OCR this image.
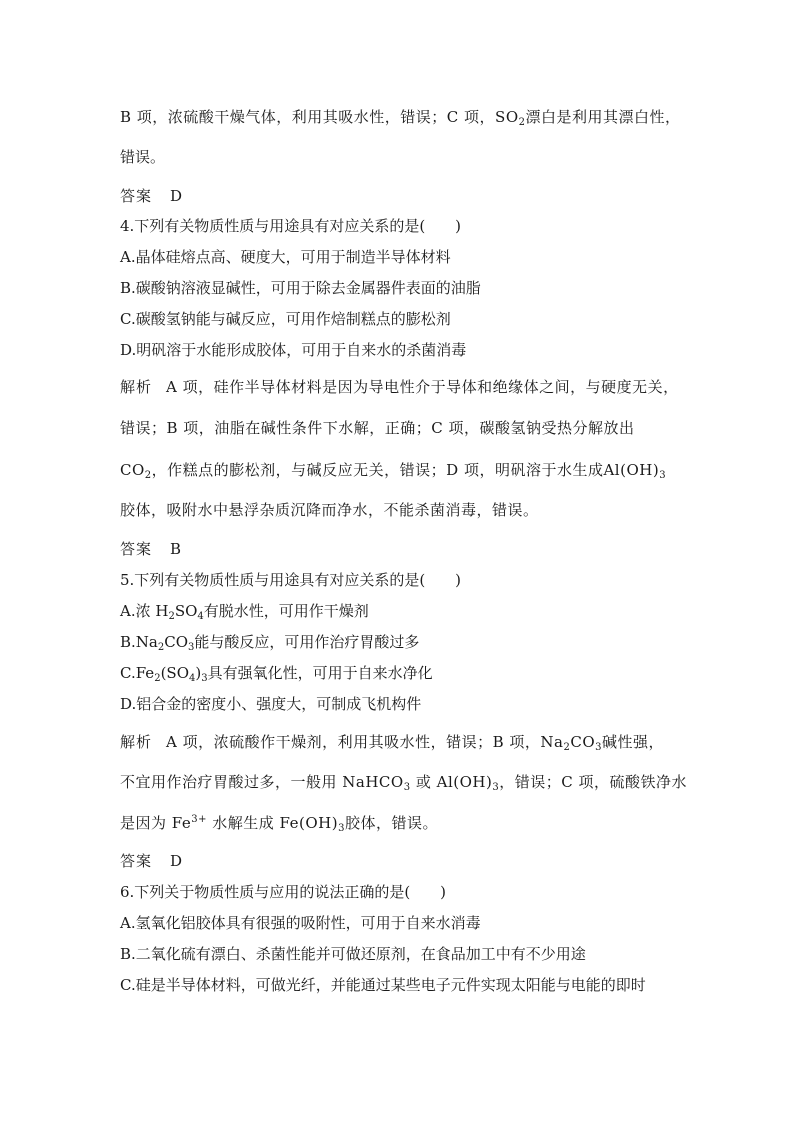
B 项，浓硫酸干燥气体，利用其吸水性，错误；C 项，$SO_2$漂白是利用其漂白性，
错误。
答案 D
4.下列有关物质性质与用途具有对应关系的是(　　)
A.晶体硅熔点高、硬度大，可用于制造半导体材料
B.碳酸钠溶液显碱性，可用于除去金属器件表面的油脂
C.碳酸氢钠能与碱反应，可用作焙制糕点的膨松剂
D.明矾溶于水能形成胶体，可用于自来水的杀菌消毒
解析 A 项，硅作半导体材料是因为导电性介于导体和绝缘体之间，与硬度无关，
错误；B 项，油脂在碱性条件下水解，正确；C 项，碳酸氢钠受热分解放出
$CO_2$，作糕点的膨松剂，与碱反应无关，错误；D 项，明矾溶于水生成$Al(OH)_3$
胶体，吸附水中悬浮杂质沉降而净水，不能杀菌消毒，错误。
答案 B
5.下列有关物质性质与用途具有对应关系的是(　　)
A.浓 $H_2SO_4$有脱水性，可用作干燥剂
$B.Na_2CO_3$能与酸反应，可用作治疗胃酸过多
$C.Fe_2(SO_4)_3$具有强氧化性，可用于自来水净化
D.铝合金的密度小、强度大，可制成飞机构件
解析 A 项，浓硫酸作干燥剂，利用其吸水性，错误；B 项，$Na_2CO_3$碱性强，
不宜用作治疗胃酸过多，一般用 NaHCO$_3$ 或 $Al(OH)_3$，错误；C 项，硫酸铁净水
是因为 $Fe^{3+}$ 水解生成 $Fe(OH)_3$胶体，错误。
答案 D
6.下列关于物质性质与应用的说法正确的是(　　)
A.氢氧化铝胶体具有很强的吸附性，可用于自来水消毒
B.二氧化硫有漂白、杀菌性能并可做还原剂，在食品加工中有不少用途
C.硅是半导体材料，可做光纤，并能通过某些电子元件实现太阳能与电能的即时
